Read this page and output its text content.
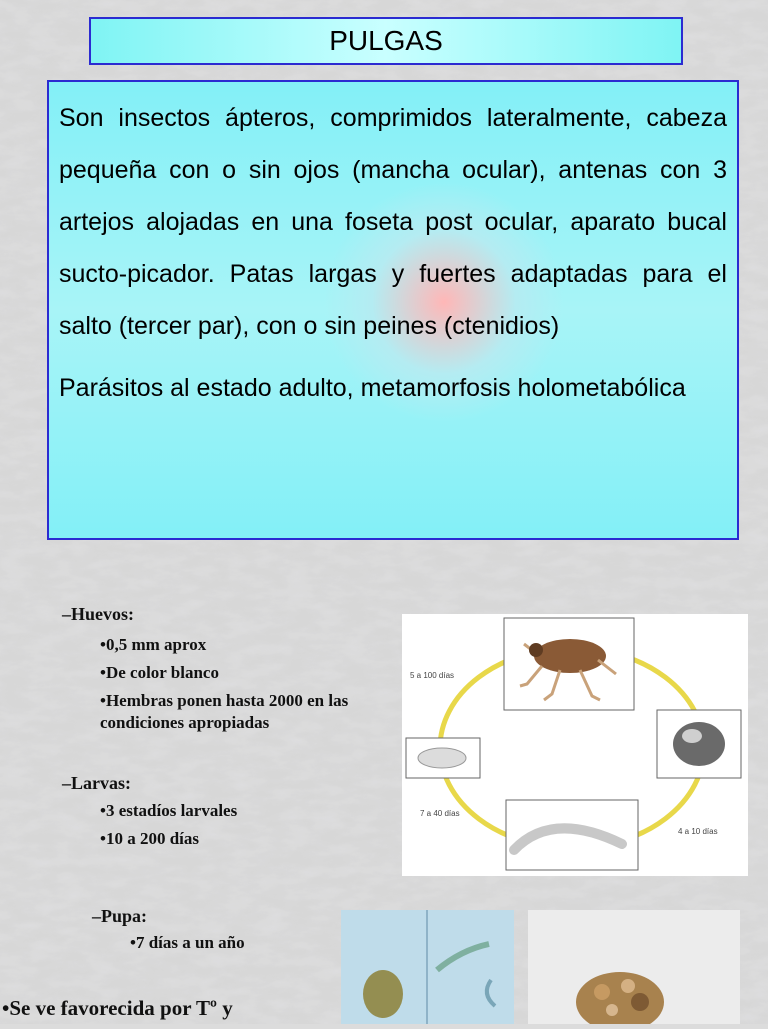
PULGAS

Son insectos ápteros, comprimidos lateralmente, cabeza pequeña con o sin ojos (mancha ocular), antenas con 3 artejos alojadas en una foseta post ocular, aparato bucal sucto-picador. Patas largas y fuertes adaptadas para el salto (tercer par), con o sin peines (ctenidios)

Parásitos al estado adulto, metamorfosis holometabólica

–Huevos:
•0,5 mm aprox
•De color blanco
•Hembras ponen hasta 2000 en las condiciones apropiadas
–Larvas:
•3 estadíos larvales
•10 a 200 días
–Pupa:
•7 días a un año
•Se ve favorecida por Tº y
5 a 100 días
7 a 40 días
4 a 10 días
